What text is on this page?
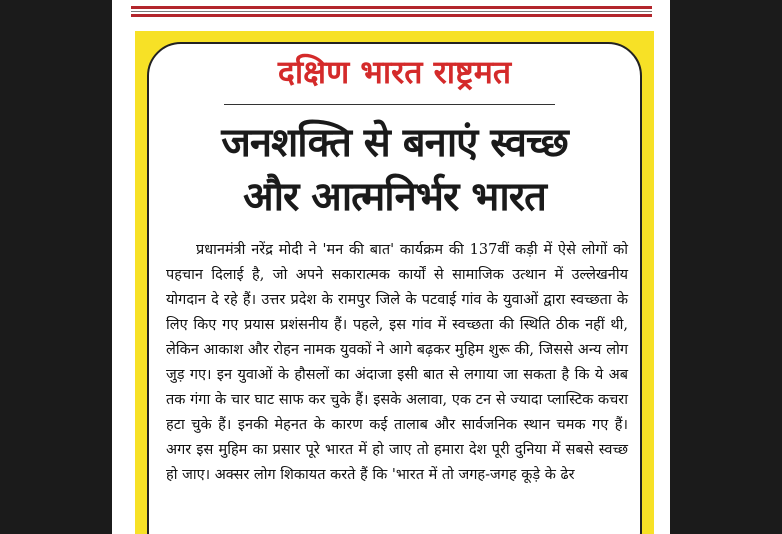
दक्षिण भारत राष्ट्रमत
जनशक्ति से बनाएं स्वच्छ
और आत्मनिर्भर भारत
प्रधानमंत्री नरेंद्र मोदी ने 'मन की बात' कार्यक्रम की 137वीं कड़ी में ऐसे लोगों को पहचान दिलाई है, जो अपने सकारात्मक कार्यों से सामाजिक उत्थान में उल्लेखनीय योगदान दे रहे हैं। उत्तर प्रदेश के रामपुर जिले के पटवाई गांव के युवाओं द्वारा स्वच्छता के लिए किए गए प्रयास प्रशंसनीय हैं। पहले, इस गांव में स्वच्छता की स्थिति ठीक नहीं थी, लेकिन आकाश और रोहन नामक युवकों ने आगे बढ़कर मुहिम शुरू की, जिससे अन्य लोग जुड़ गए। इन युवाओं के हौसलों का अंदाजा इसी बात से लगाया जा सकता है कि ये अब तक गंगा के चार घाट साफ कर चुके हैं। इसके अलावा, एक टन से ज्यादा प्लास्टिक कचरा हटा चुके हैं। इनकी मेहनत के कारण कई तालाब और सार्वजनिक स्थान चमक गए हैं। अगर इस मुहिम का प्रसार पूरे भारत में हो जाए तो हमारा देश पूरी दुनिया में सबसे स्वच्छ हो जाए। अक्सर लोग शिकायत करते हैं कि 'भारत में तो जगह-जगह कूड़े के ढेर
